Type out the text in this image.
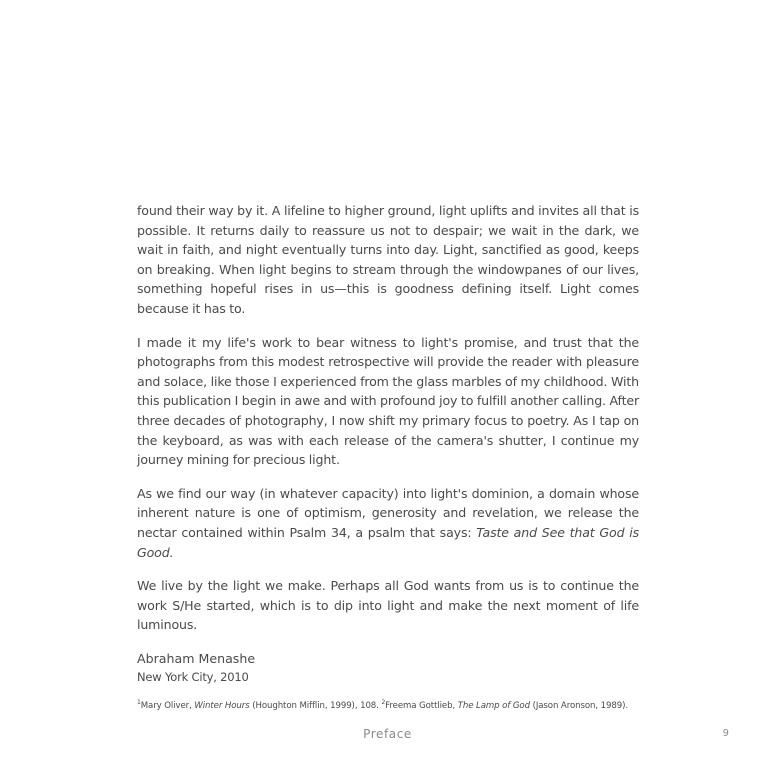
found their way by it. A lifeline to higher ground, light uplifts and invites all that is possible. It returns daily to reassure us not to despair; we wait in the dark, we wait in faith, and night eventually turns into day. Light, sanctified as good, keeps on breaking. When light begins to stream through the windowpanes of our lives, something hopeful rises in us—this is goodness defining itself. Light comes because it has to.

I made it my life's work to bear witness to light's promise, and trust that the photographs from this modest retrospective will provide the reader with pleasure and solace, like those I experienced from the glass marbles of my childhood. With this publication I begin in awe and with profound joy to fulfill another calling. After three decades of photography, I now shift my primary focus to poetry. As I tap on the keyboard, as was with each release of the camera's shutter, I continue my journey mining for precious light.

As we find our way (in whatever capacity) into light's dominion, a domain whose inherent nature is one of optimism, generosity and revelation, we release the nectar contained within Psalm 34, a psalm that says: Taste and See that God is Good.

We live by the light we make. Perhaps all God wants from us is to continue the work S/He started, which is to dip into light and make the next moment of life luminous.

Abraham Menashe

New York City, 2010

$^1$Mary Oliver, Winter Hours (Houghton Mifflin, 1999), 108. $^2$Freema Gottlieb, The Lamp of God (Jason Aronson, 1989).

Preface	9
